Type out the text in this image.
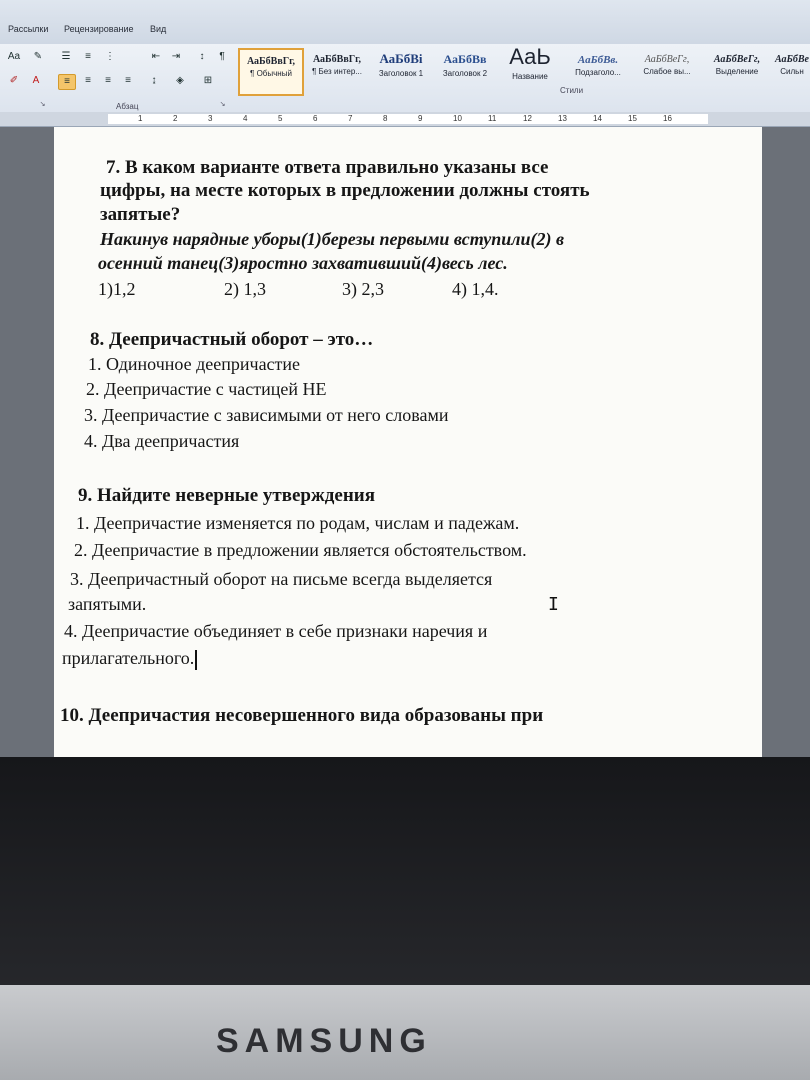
Рассылки Рецензирование Вид
Aa	✎	☰	≡	⋮	⇤	⇥	↕	¶
✐	A	≡	≡	≡	≡	↨	◈	⊞
↘	Абзац	↘
АаБбВвГг,
¶ Обычный
АаБбВвГг,
¶ Без интер...
АаБбВі
Заголовок 1
АаБбВв
Заголовок 2
АаЬ
Название
АаБбВв.
Подзаголо...
АаБбВеГг,
Слабое вы...
АаБбВеГг,
Выделение
АаБбВе
Сильн
Стили
1	2	3	4	5	6	7	8	9	10	11	12	13	14	15	16
7. В каком варианте ответа правильно указаны все
цифры, на месте которых в предложении должны стоять
запятые?
Накинув нарядные уборы(1)березы первыми вступили(2) в
осенний танец(3)яростно захвативший(4)весь лес.
1)1,2	2) 1,3	3) 2,3	4) 1,4.
8. Деепричастный оборот – это…
1. Одиночное деепричастие
2. Деепричастие с частицей НЕ
3. Деепричастие с зависимыми от него словами
4. Два деепричастия
I
9. Найдите неверные утверждения
1. Деепричастие изменяется по родам, числам и падежам.
2. Деепричастие в предложении является обстоятельством.
3. Деепричастный оборот на письме всегда выделяется
запятыми.
4. Деепричастие объединяет в себе признаки наречия и
прилагательного.
10. Деепричастия несовершенного вида образованы при
SAMSUNG
